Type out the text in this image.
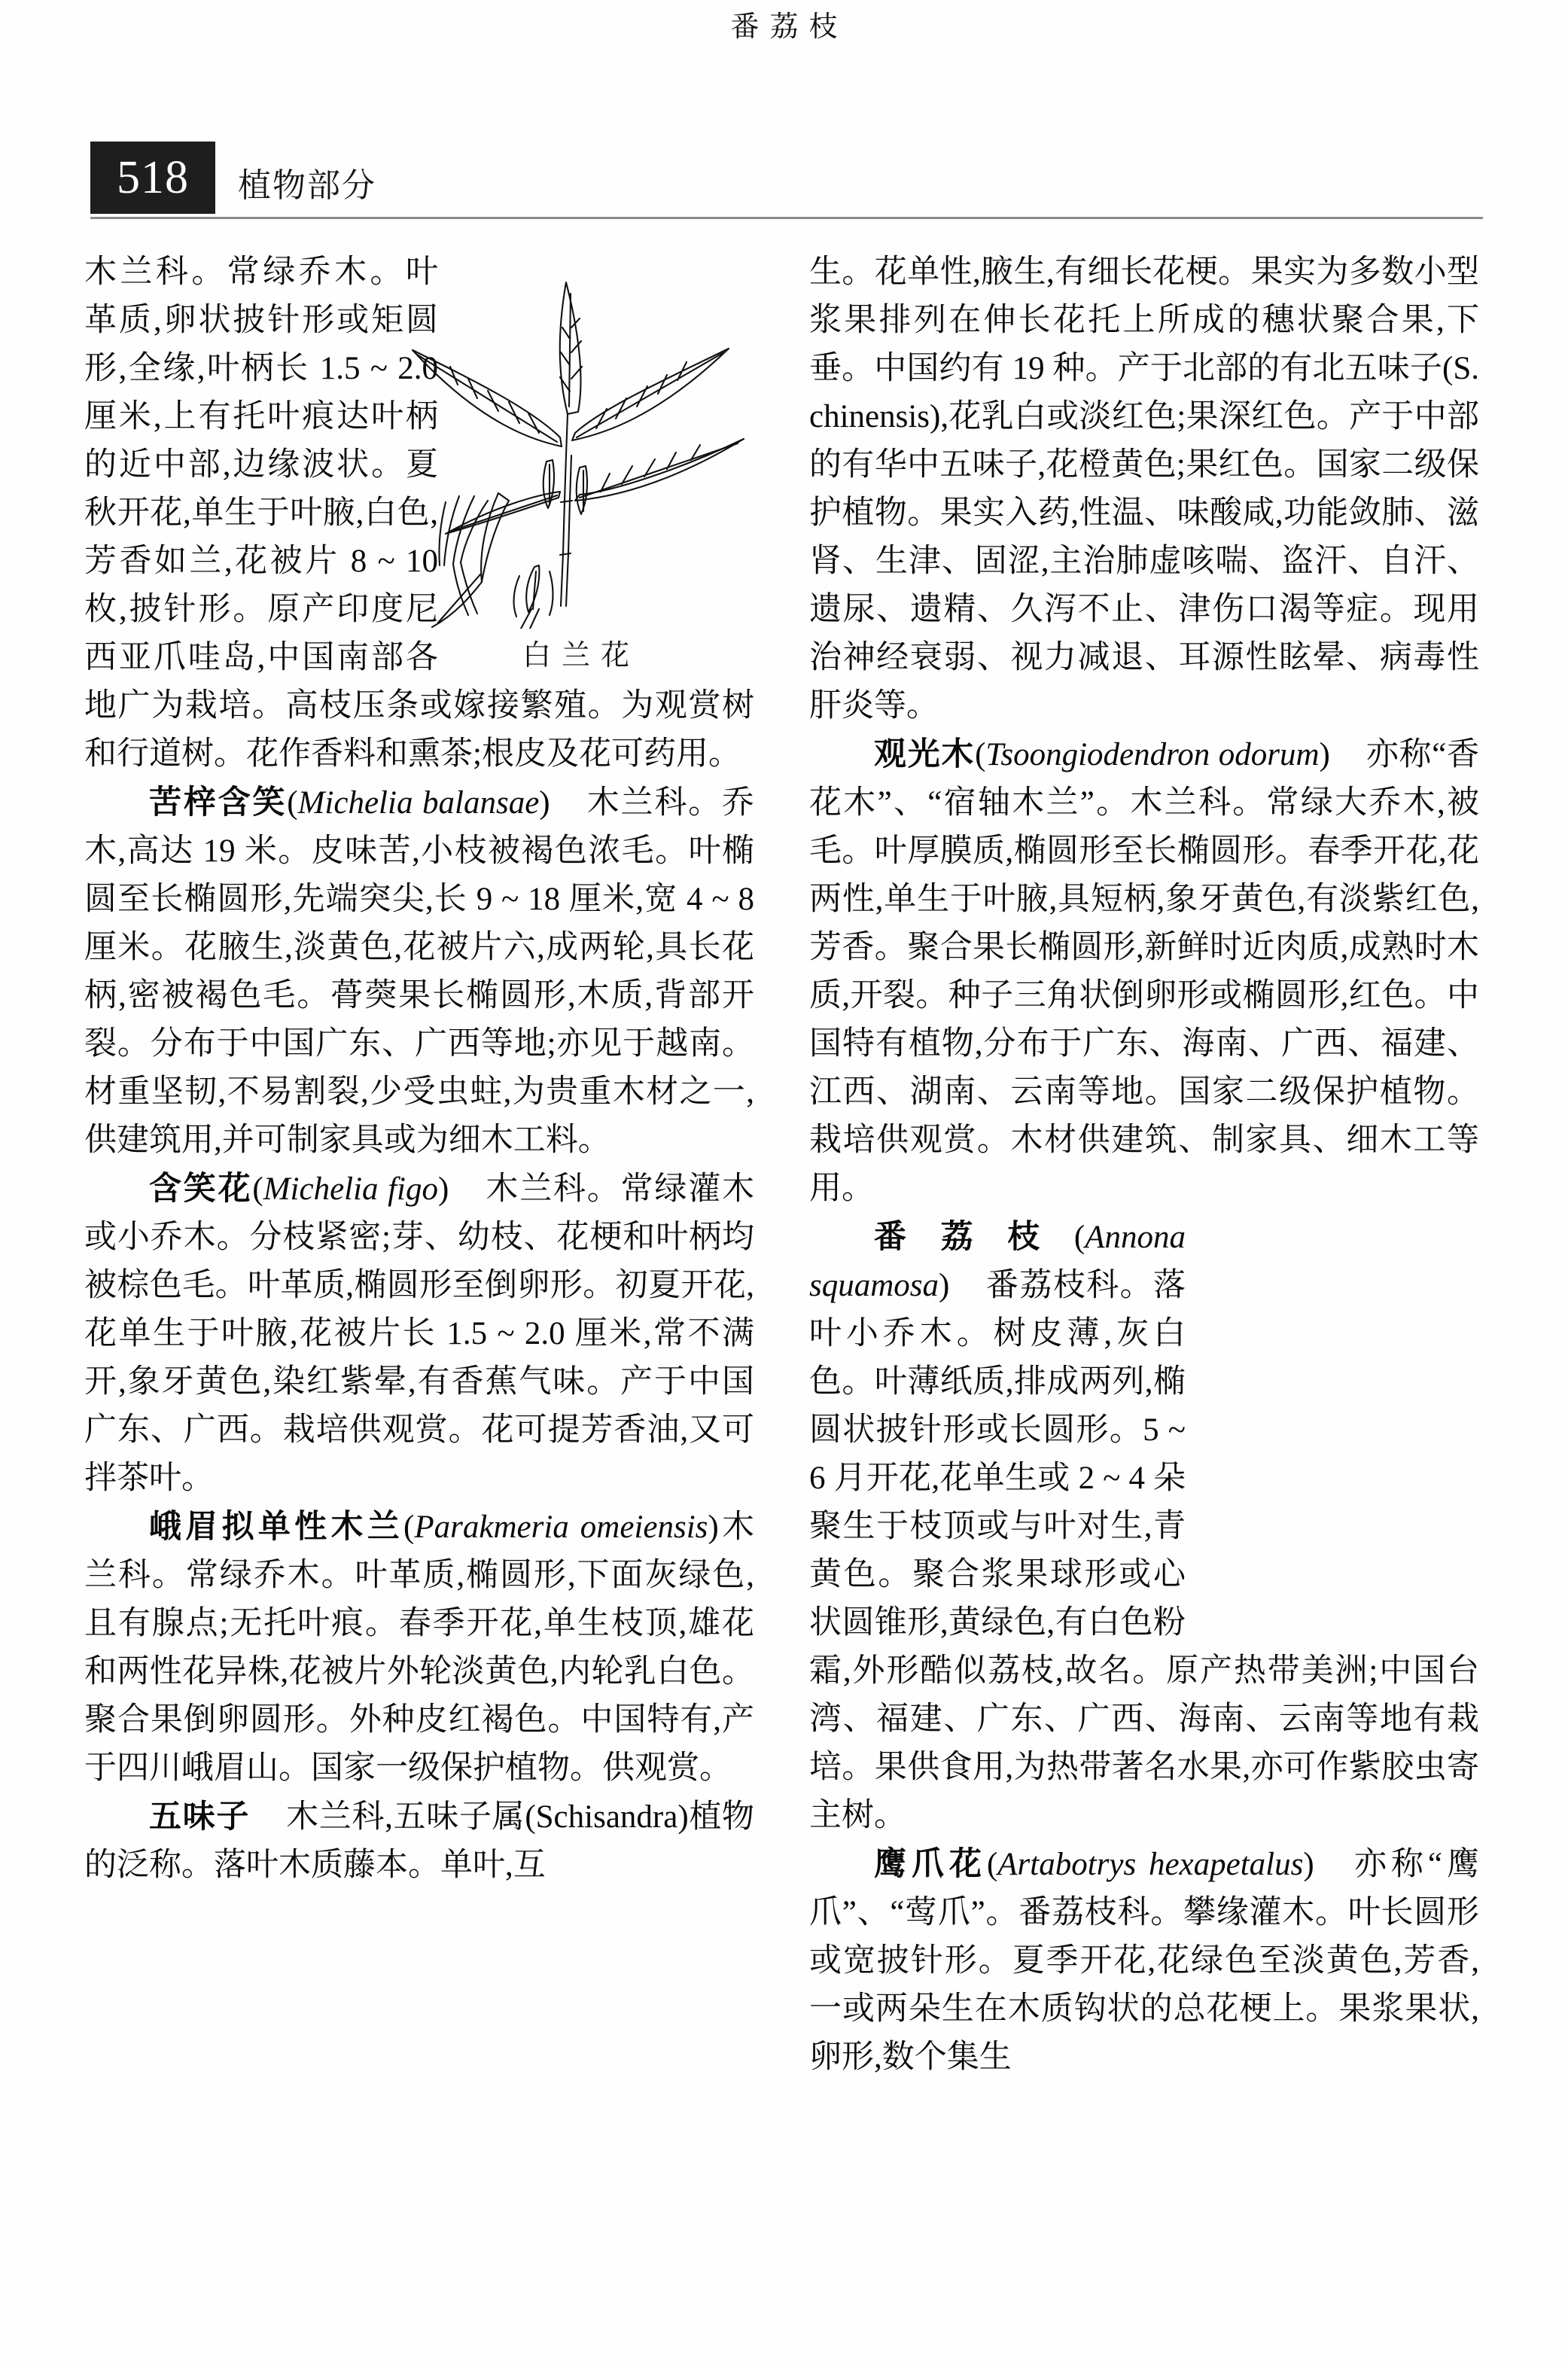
518 植物部分

木兰科。常绿乔木。叶革质,卵状披针形或矩圆形,全缘,叶柄长 1.5 ~ 2.0 厘米,上有托叶痕达叶柄的近中部,边缘波状。夏秋开花,单生于叶腋,白色,芳香如兰,花被片 8 ~ 10 枚,披针形。原产印度尼西亚爪哇岛,中国南部各地广为栽培。高枝压条或嫁接繁殖。为观赏树和行道树。花作香料和熏茶;根皮及花可药用。

苦梓含笑(Michelia balansae) 木兰科。乔木,高达 19 米。皮味苦,小枝被褐色浓毛。叶椭圆至长椭圆形,先端突尖,长 9 ~ 18 厘米,宽 4 ~ 8 厘米。花腋生,淡黄色,花被片六,成两轮,具长花柄,密被褐色毛。蓇葖果长椭圆形,木质,背部开裂。分布于中国广东、广西等地;亦见于越南。材重坚韧,不易割裂,少受虫蛀,为贵重木材之一,供建筑用,并可制家具或为细木工料。

含笑花(Michelia figo) 木兰科。常绿灌木或小乔木。分枝紧密;芽、幼枝、花梗和叶柄均被棕色毛。叶革质,椭圆形至倒卵形。初夏开花,花单生于叶腋,花被片长 1.5 ~ 2.0 厘米,常不满开,象牙黄色,染红紫晕,有香蕉气味。产于中国广东、广西。栽培供观赏。花可提芳香油,又可拌茶叶。

峨眉拟单性木兰(Parakmeria omeiensis)木兰科。常绿乔木。叶革质,椭圆形,下面灰绿色,且有腺点;无托叶痕。春季开花,单生枝顶,雄花和两性花异株,花被片外轮淡黄色,内轮乳白色。聚合果倒卵圆形。外种皮红褐色。中国特有,产于四川峨眉山。国家一级保护植物。供观赏。

五味子 木兰科,五味子属(Schisandra)植物的泛称。落叶木质藤本。单叶,互

生。花单性,腋生,有细长花梗。果实为多数小型浆果排列在伸长花托上所成的穗状聚合果,下垂。中国约有 19 种。产于北部的有北五味子(S. chinensis),花乳白或淡红色;果深红色。产于中部的有华中五味子,花橙黄色;果红色。国家二级保护植物。果实入药,性温、味酸咸,功能敛肺、滋肾、生津、固涩,主治肺虚咳喘、盗汗、自汗、遗尿、遗精、久泻不止、津伤口渴等症。现用治神经衰弱、视力减退、耳源性眩晕、病毒性肝炎等。

观光木(Tsoongiodendron odorum) 亦称“香花木”、“宿轴木兰”。木兰科。常绿大乔木,被毛。叶厚膜质,椭圆形至长椭圆形。春季开花,花两性,单生于叶腋,具短柄,象牙黄色,有淡紫红色,芳香。聚合果长椭圆形,新鲜时近肉质,成熟时木质,开裂。种子三角状倒卵形或椭圆形,红色。中国特有植物,分布于广东、海南、广西、福建、江西、湖南、云南等地。国家二级保护植物。栽培供观赏。木材供建筑、制家具、细木工等用。

番荔枝(Annona squamosa) 番荔枝科。落叶小乔木。树皮薄,灰白色。叶薄纸质,排成两列,椭圆状披针形或长圆形。5 ~ 6 月开花,花单生或 2 ~ 4 朵聚生于枝顶或与叶对生,青黄色。聚合浆果球形或心状圆锥形,黄绿色,有白色粉霜,外形酷似荔枝,故名。原产热带美洲;中国台湾、福建、广东、广西、海南、云南等地有栽培。果供食用,为热带著名水果,亦可作紫胶虫寄主树。

鹰爪花(Artabotrys hexapetalus) 亦称“鹰爪”、“莺爪”。番荔枝科。攀缘灌木。叶长圆形或宽披针形。夏季开花,花绿色至淡黄色,芳香,一或两朵生在木质钩状的总花梗上。果浆果状,卵形,数个集生

白兰花
番荔枝
